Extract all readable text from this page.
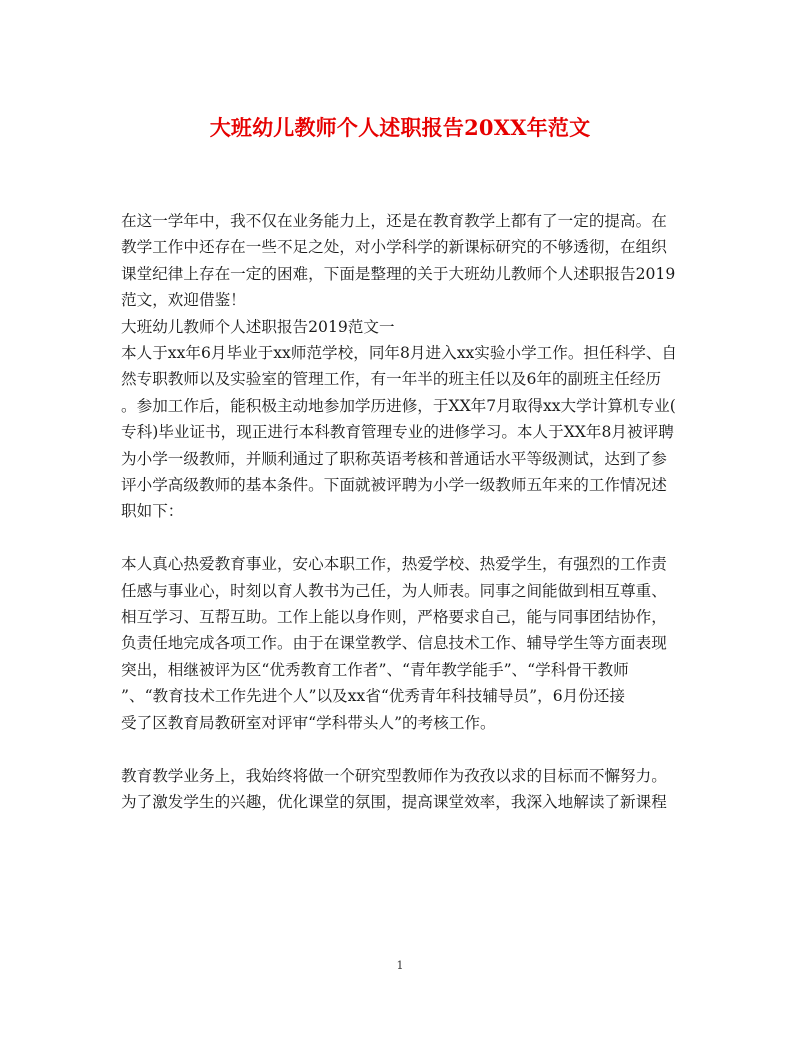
大班幼儿教师个人述职报告20XX年范文

在这一学年中，我不仅在业务能力上，还是在教育教学上都有了一定的提高。在
教学工作中还存在一些不足之处，对小学科学的新课标研究的不够透彻，在组织
课堂纪律上存在一定的困难，下面是整理的关于大班幼儿教师个人述职报告2019
范文，欢迎借鉴！

大班幼儿教师个人述职报告2019范文一

本人于xx年6月毕业于xx师范学校，同年8月进入xx实验小学工作。担任科学、自
然专职教师以及实验室的管理工作，有一年半的班主任以及6年的副班主任经历
。参加工作后，能积极主动地参加学历进修，于XX年7月取得xx大学计算机专业(
专科)毕业证书，现正进行本科教育管理专业的进修学习。本人于XX年8月被评聘
为小学一级教师，并顺利通过了职称英语考核和普通话水平等级测试，达到了参
评小学高级教师的基本条件。下面就被评聘为小学一级教师五年来的工作情况述
职如下：

本人真心热爱教育事业，安心本职工作，热爱学校、热爱学生，有强烈的工作责
任感与事业心，时刻以育人教书为己任，为人师表。同事之间能做到相互尊重、
相互学习、互帮互助。工作上能以身作则，严格要求自己，能与同事团结协作，
负责任地完成各项工作。由于在课堂教学、信息技术工作、辅导学生等方面表现
突出，相继被评为区“优秀教育工作者”、“青年教学能手”、“学科骨干教师
”、“教育技术工作先进个人”以及xx省“优秀青年科技辅导员”，6月份还接
受了区教育局教研室对评审“学科带头人”的考核工作。

教育教学业务上，我始终将做一个研究型教师作为孜孜以求的目标而不懈努力。
为了激发学生的兴趣，优化课堂的氛围，提高课堂效率，我深入地解读了新课程

1
